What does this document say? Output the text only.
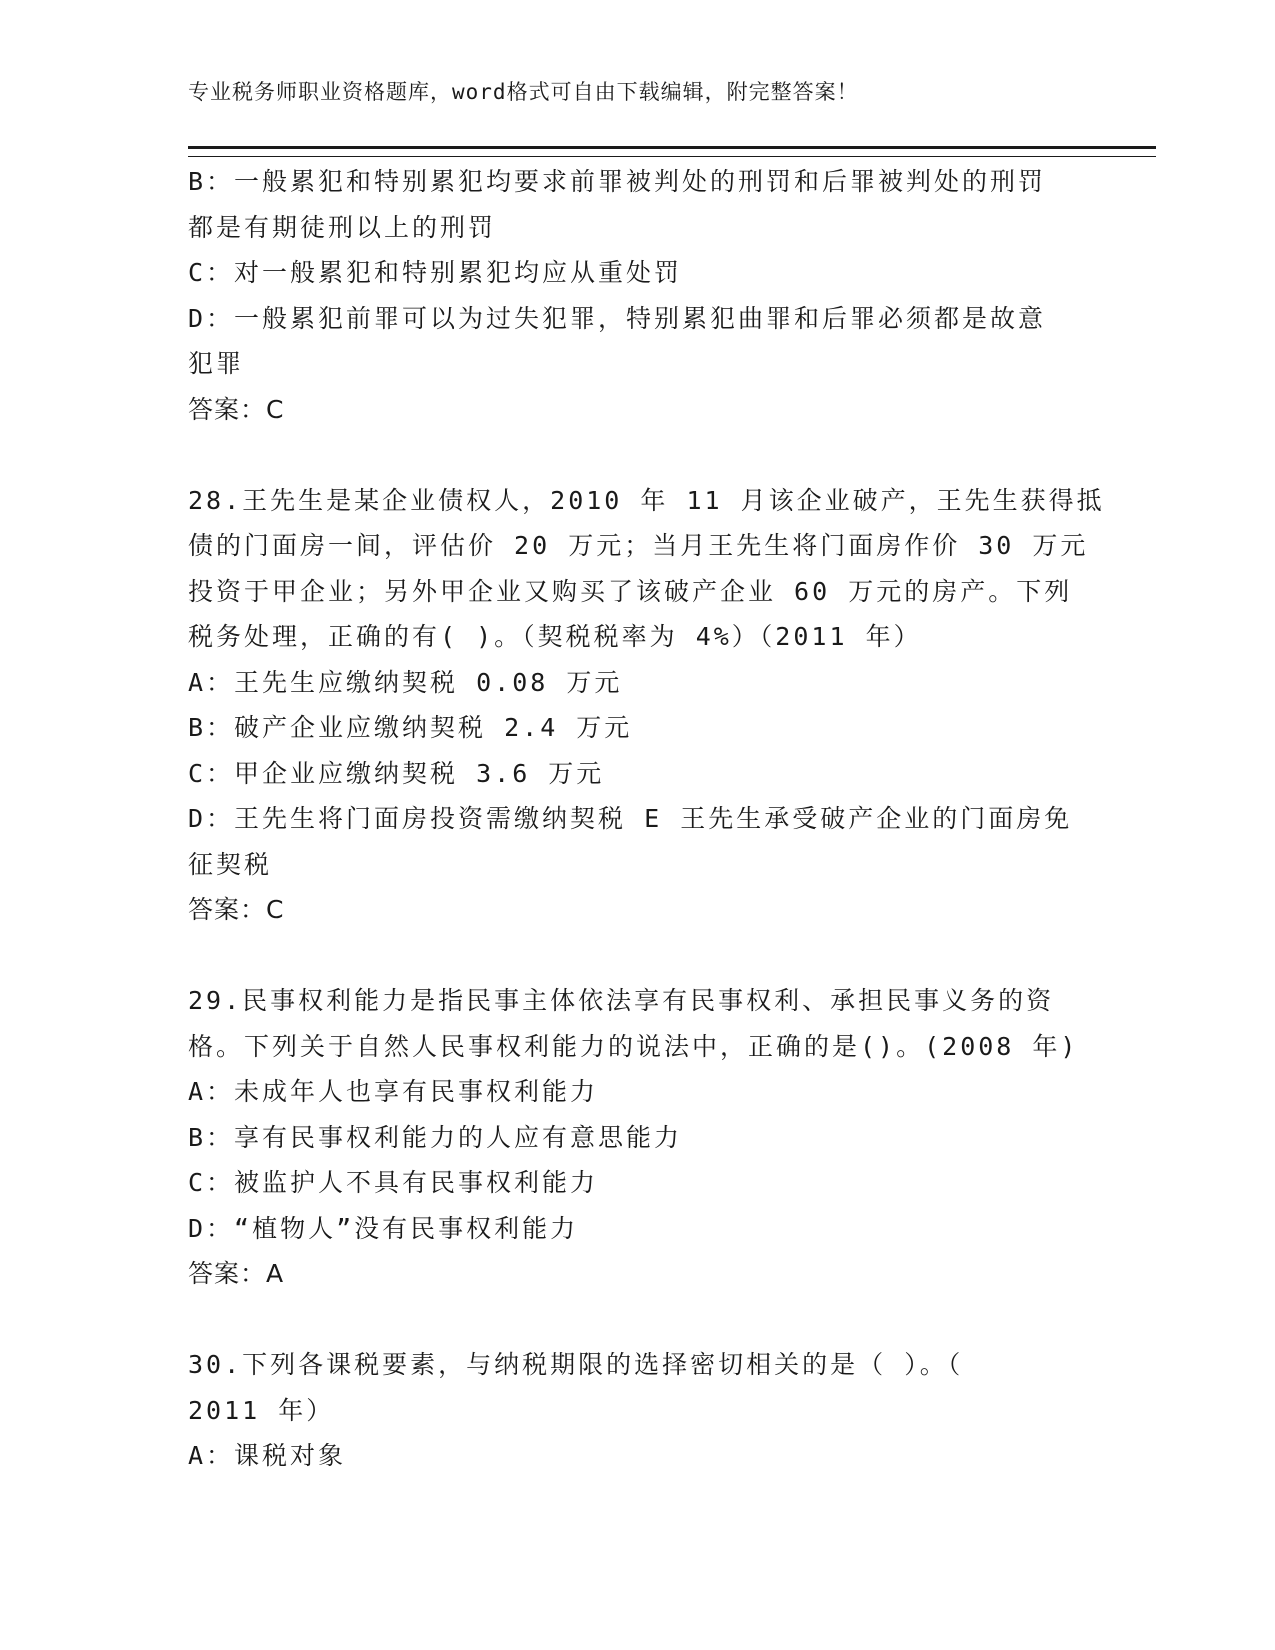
专业税务师职业资格题库，word格式可自由下载编辑，附完整答案！
B：一般累犯和特别累犯均要求前罪被判处的刑罚和后罪被判处的刑罚
都是有期徒刑以上的刑罚
C：对一般累犯和特别累犯均应从重处罚
D：一般累犯前罪可以为过失犯罪，特别累犯曲罪和后罪必须都是故意
犯罪
答案：C
28.王先生是某企业债权人，2010 年 11 月该企业破产，王先生获得抵
债的门面房一间，评估价 20 万元；当月王先生将门面房作价 30 万元
投资于甲企业；另外甲企业又购买了该破产企业 60 万元的房产。下列
税务处理，正确的有( )。（契税税率为 4%）（2011 年）
A：王先生应缴纳契税 0.08 万元
B：破产企业应缴纳契税 2.4 万元
C：甲企业应缴纳契税 3.6 万元
D：王先生将门面房投资需缴纳契税 E 王先生承受破产企业的门面房免
征契税
答案：C
29.民事权利能力是指民事主体依法享有民事权利、承担民事义务的资
格。下列关于自然人民事权利能力的说法中，正确的是()。(2008 年)
A：未成年人也享有民事权利能力
B：享有民事权利能力的人应有意思能力
C：被监护人不具有民事权利能力
D：“植物人”没有民事权利能力
答案：A
30.下列各课税要素，与纳税期限的选择密切相关的是（ ）。（
2011 年）
A：课税对象
